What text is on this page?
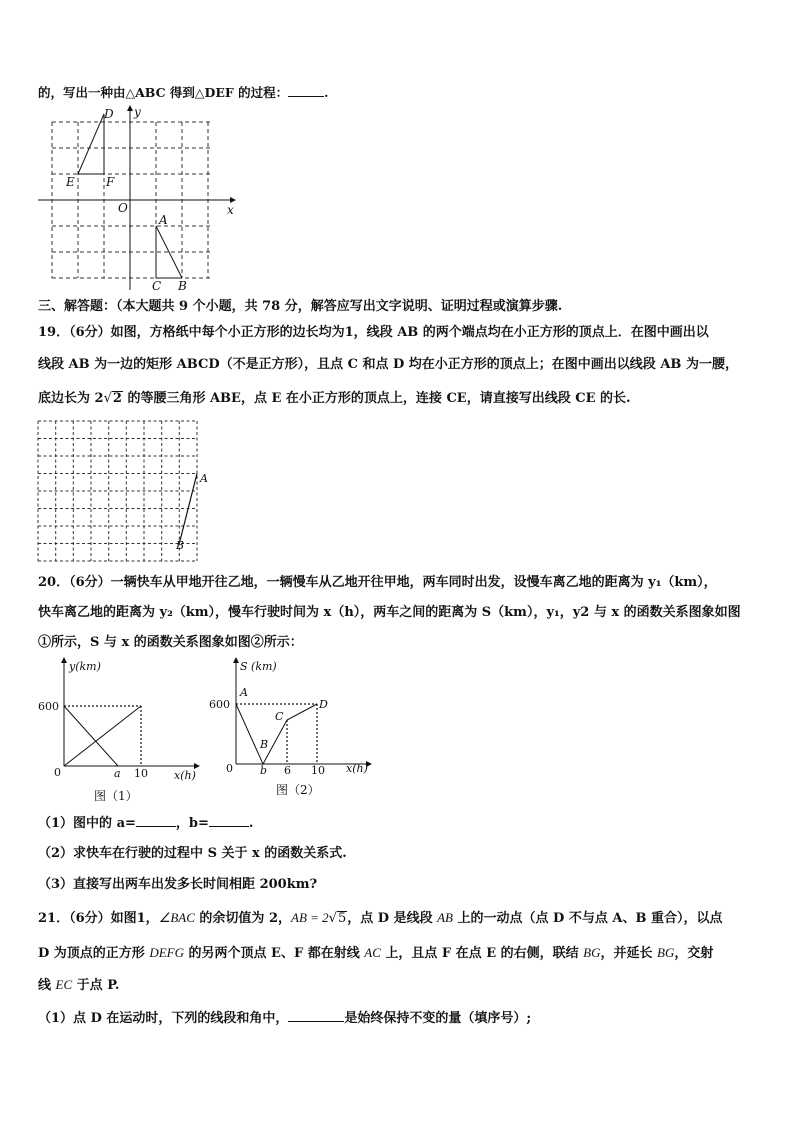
的，写出一种由△ABC 得到△DEF 的过程：	.
D y
E	F
O	x
A
C B
三、解答题：（本大题共 9 个小题，共 78 分，解答应写出文字说明、证明过程或演算步骤.
19．（6分）如图，方格纸中每个小正方形的边长均为1，线段 AB 的两个端点均在小正方形的顶点上．在图中画出以
线段 AB 为一边的矩形 ABCD（不是正方形），且点 C 和点 D 均在小正方形的顶点上；在图中画出以线段 AB 为一腰，
底边长为 2√2 的等腰三角形 ABE，点 E 在小正方形的顶点上，连接 CE，请直接写出线段 CE 的长.
A
B
20．（6分）一辆快车从甲地开往乙地，一辆慢车从乙地开往甲地，两车同时出发，设慢车离乙地的距离为 y₁（km），
快车离乙地的距离为 y₂（km），慢车行驶时间为 x（h），两车之间的距离为 S（km），y₁，y2 与 x 的函数关系图象如图
①所示，S 与 x 的函数关系图象如图②所示：
y(km)
600
0	a 10 x(h)
图（1）
S (km)
600
A
B
C
D
0 b 6 10 x(h)
图（2）
（1）图中的 a=	，b=	.
（2）求快车在行驶的过程中 S 关于 x 的函数关系式.
（3）直接写出两车出发多长时间相距 200km?
21．（6分）如图1，∠BAC 的余切值为 2，AB = 2√5，点 D 是线段 AB 上的一动点（点 D 不与点 A、B 重合），以点
D 为顶点的正方形 DEFG 的另两个顶点 E、F 都在射线 AC 上，且点 F 在点 E 的右侧，联结 BG，并延长 BG，交射
线 EC 于点 P.
（1）点 D 在运动时，下列的线段和角中，	是始终保持不变的量（填序号）;
